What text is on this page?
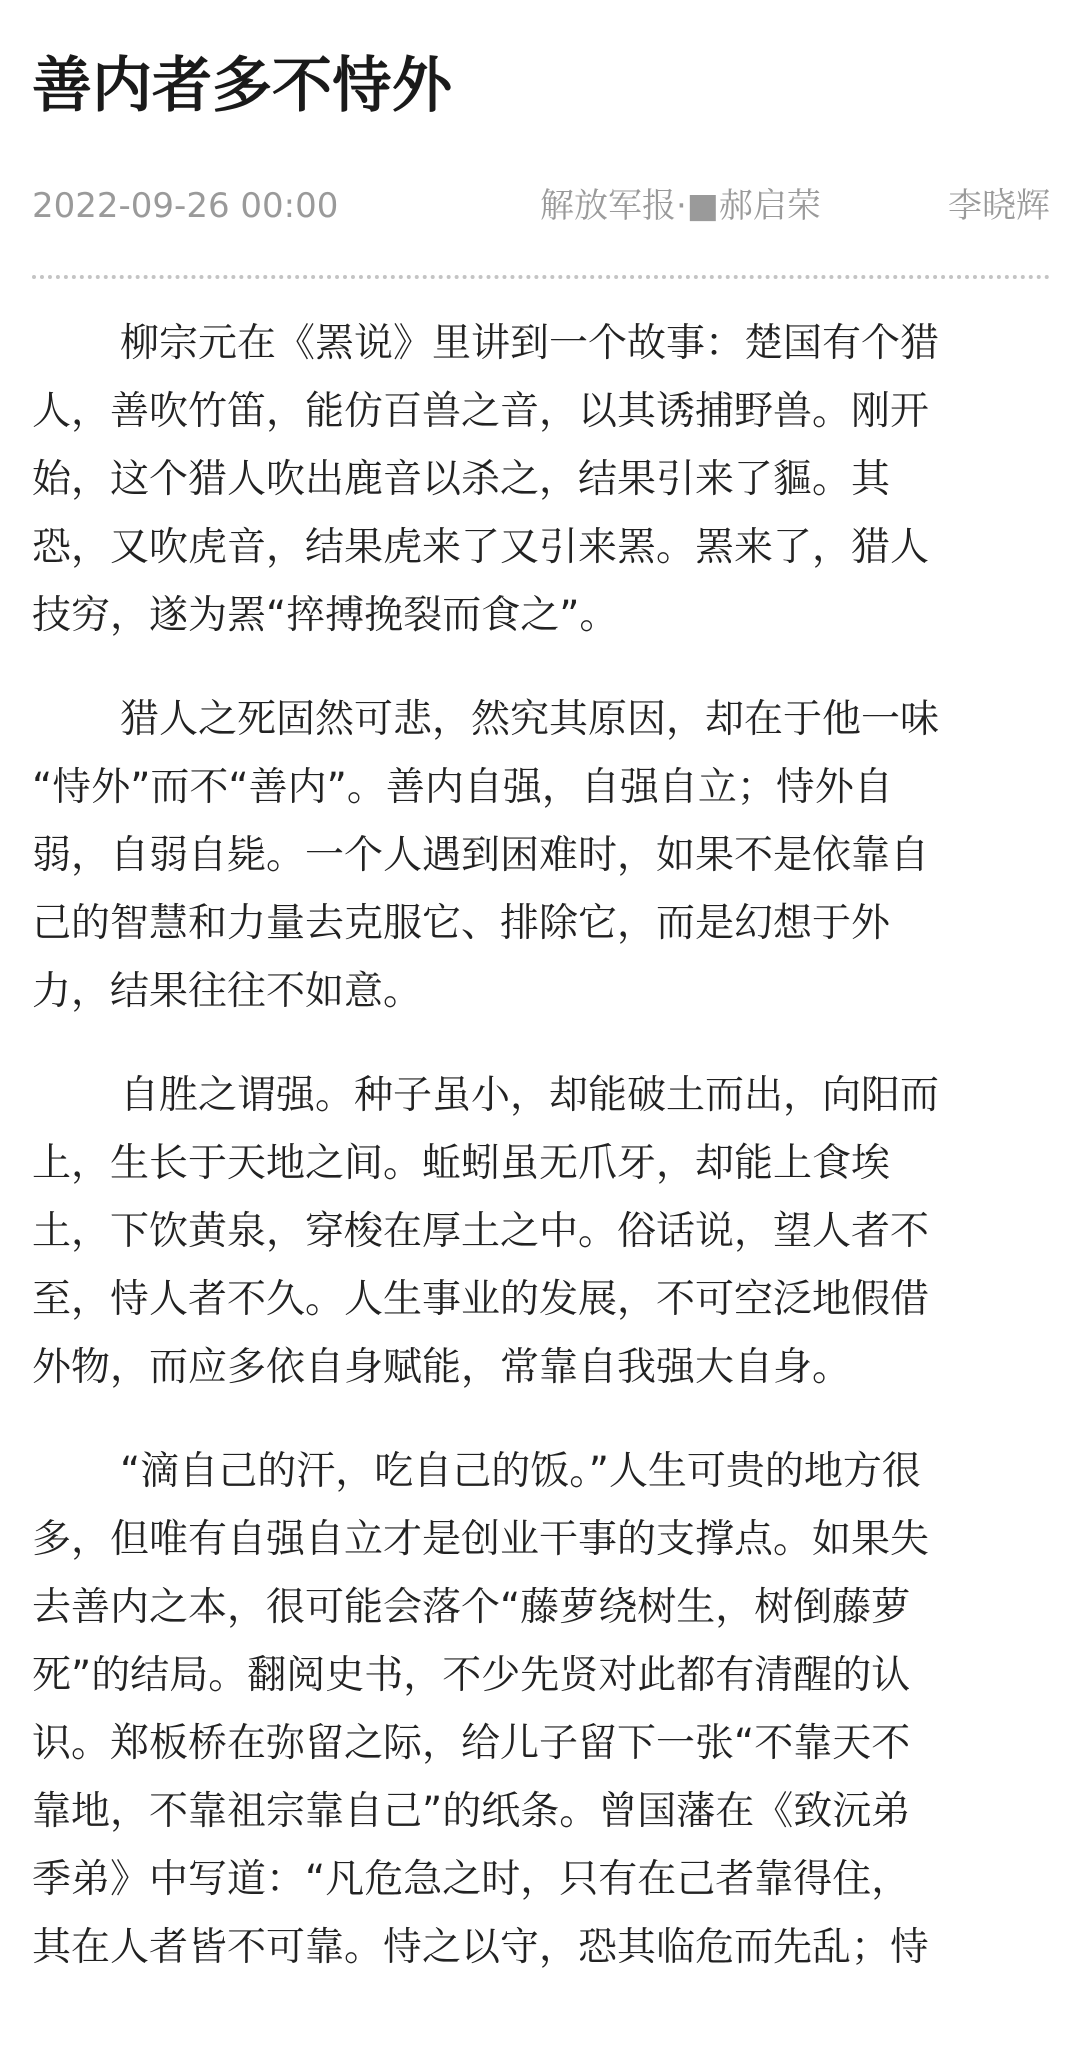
善内者多不恃外
2022-09-26 00:00	解放军报·■郝启荣	李晓辉

柳宗元在《罴说》里讲到一个故事：楚国有个猎
人，善吹竹笛，能仿百兽之音，以其诱捕野兽。刚开
始，这个猎人吹出鹿音以杀之，结果引来了貙。其
恐，又吹虎音，结果虎来了又引来罴。罴来了，猎人
技穷，遂为罴“捽搏挽裂而食之”。

猎人之死固然可悲，然究其原因，却在于他一味
“恃外”而不“善内”。善内自强，自强自立；恃外自
弱，自弱自毙。一个人遇到困难时，如果不是依靠自
己的智慧和力量去克服它、排除它，而是幻想于外
力，结果往往不如意。

自胜之谓强。种子虽小，却能破土而出，向阳而
上，生长于天地之间。蚯蚓虽无爪牙，却能上食埃
土，下饮黄泉，穿梭在厚土之中。俗话说，望人者不
至，恃人者不久。人生事业的发展，不可空泛地假借
外物，而应多依自身赋能，常靠自我强大自身。

“滴自己的汗，吃自己的饭。”人生可贵的地方很
多，但唯有自强自立才是创业干事的支撑点。如果失
去善内之本，很可能会落个“藤萝绕树生，树倒藤萝
死”的结局。翻阅史书，不少先贤对此都有清醒的认
识。郑板桥在弥留之际，给儿子留下一张“不靠天不
靠地，不靠祖宗靠自己”的纸条。曾国藩在《致沅弟
季弟》中写道：“凡危急之时，只有在己者靠得住，
其在人者皆不可靠。恃之以守，恐其临危而先乱；恃
